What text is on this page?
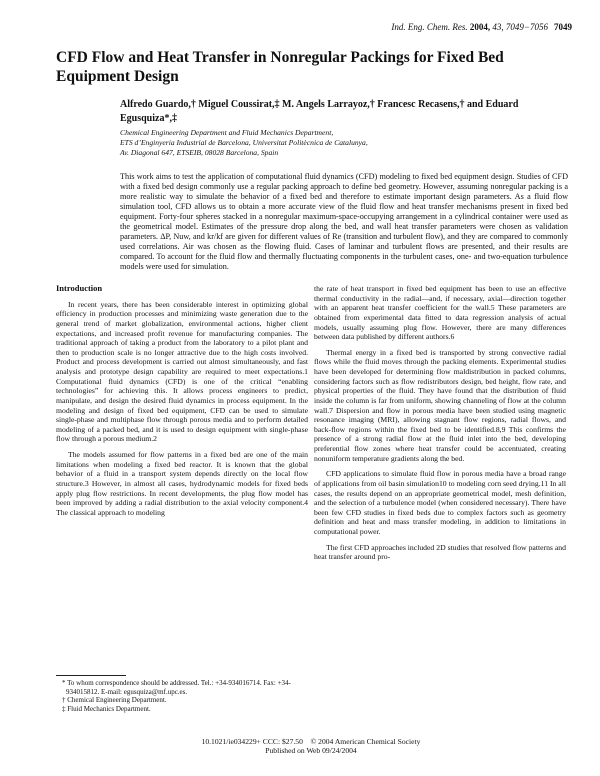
Ind. Eng. Chem. Res. 2004, 43, 7049−7056 7049
CFD Flow and Heat Transfer in Nonregular Packings for Fixed Bed Equipment Design
Alfredo Guardo,† Miguel Coussirat,‡ M. Angels Larrayoz,† Francesc Recasens,† and Eduard Egusquiza*,‡
Chemical Engineering Department and Fluid Mechanics Department,
ETS d’Enginyeria Industrial de Barcelona, Universitat Politècnica de Catalunya,
Av. Diagonal 647, ETSEIB, 08028 Barcelona, Spain
This work aims to test the application of computational fluid dynamics (CFD) modeling to fixed bed equipment design. Studies of CFD with a fixed bed design commonly use a regular packing approach to define bed geometry. However, assuming nonregular packing is a more realistic way to simulate the behavior of a fixed bed and therefore to estimate important design parameters. As a fluid flow simulation tool, CFD allows us to obtain a more accurate view of the fluid flow and heat transfer mechanisms present in fixed bed equipment. Forty-four spheres stacked in a nonregular maximum-space-occupying arrangement in a cylindrical container were used as the geometrical model. Estimates of the pressure drop along the bed, and wall heat transfer parameters were chosen as validation parameters. ΔP, Nuw, and kr/kf are given for different values of Re (transition and turbulent flow), and they are compared to commonly used correlations. Air was chosen as the flowing fluid. Cases of laminar and turbulent flows are presented, and their results are compared. To account for the fluid flow and thermally fluctuating components in the turbulent cases, one- and two-equation turbulence models were used for simulation.
Introduction

In recent years, there has been considerable interest in optimizing global efficiency in production processes and minimizing waste generation due to the general trend of market globalization, environmental actions, higher client expectations, and increased profit revenue for manufacturing companies. The traditional approach of taking a product from the laboratory to a pilot plant and then to production scale is no longer attractive due to the high costs involved. Product and process development is carried out almost simultaneously, and fast analysis and prototype design capability are required to meet expectations.1 Computational fluid dynamics (CFD) is one of the critical “enabling technologies” for achieving this. It allows process engineers to predict, manipulate, and design the desired fluid dynamics in process equipment. In the modeling and design of fixed bed equipment, CFD can be used to simulate single-phase and multiphase flow through porous media and to perform detailed modeling of a packed bed, and it is used to design equipment with single-phase flow through a porous medium.2

The models assumed for flow patterns in a fixed bed are one of the main limitations when modeling a fixed bed reactor. It is known that the global behavior of a fluid in a transport system depends directly on the local flow structure.3 However, in almost all cases, hydrodynamic models for fixed beds apply plug flow restrictions. In recent developments, the plug flow model has been improved by adding a radial distribution to the axial velocity component.4 The classical approach to modeling

the rate of heat transport in fixed bed equipment has been to use an effective thermal conductivity in the radial—and, if necessary, axial—direction together with an apparent heat transfer coefficient for the wall.5 These parameters are obtained from experimental data fitted to data regression analysis of actual models, usually assuming plug flow. However, there are many differences between data published by different authors.6

Thermal energy in a fixed bed is transported by strong convective radial flows while the fluid moves through the packing elements. Experimental studies have been developed for determining flow maldistribution in packed columns, considering factors such as flow redistributors design, bed height, flow rate, and physical properties of the fluid. They have found that the distribution of fluid inside the column is far from uniform, showing channeling of flow at the column wall.7 Dispersion and flow in porous media have been studied using magnetic resonance imaging (MRI), allowing stagnant flow regions, radial flows, and back-flow regions within the fixed bed to be identified.8,9 This confirms the presence of a strong radial flow at the fluid inlet into the bed, developing preferential flow zones where heat transfer could be accentuated, creating nonuniform temperature gradients along the bed.

CFD applications to simulate fluid flow in porous media have a broad range of applications from oil basin simulation10 to modeling corn seed drying.11 In all cases, the results depend on an appropriate geometrical model, mesh definition, and the selection of a turbulence model (when considered necessary). There have been few CFD studies in fixed beds due to complex factors such as geometry definition and heat and mass transfer modeling, in addition to limitations in computational power.

The first CFD approaches included 2D studies that resolved flow patterns and heat transfer around pro-

* To whom correspondence should be addressed. Tel.: +34-934016714. Fax: +34-934015812. E-mail: egusquiza@mf.upc.es.
† Chemical Engineering Department.
‡ Fluid Mechanics Department.
10.1021/ie034229+ CCC: $27.50 © 2004 American Chemical Society
Published on Web 09/24/2004
